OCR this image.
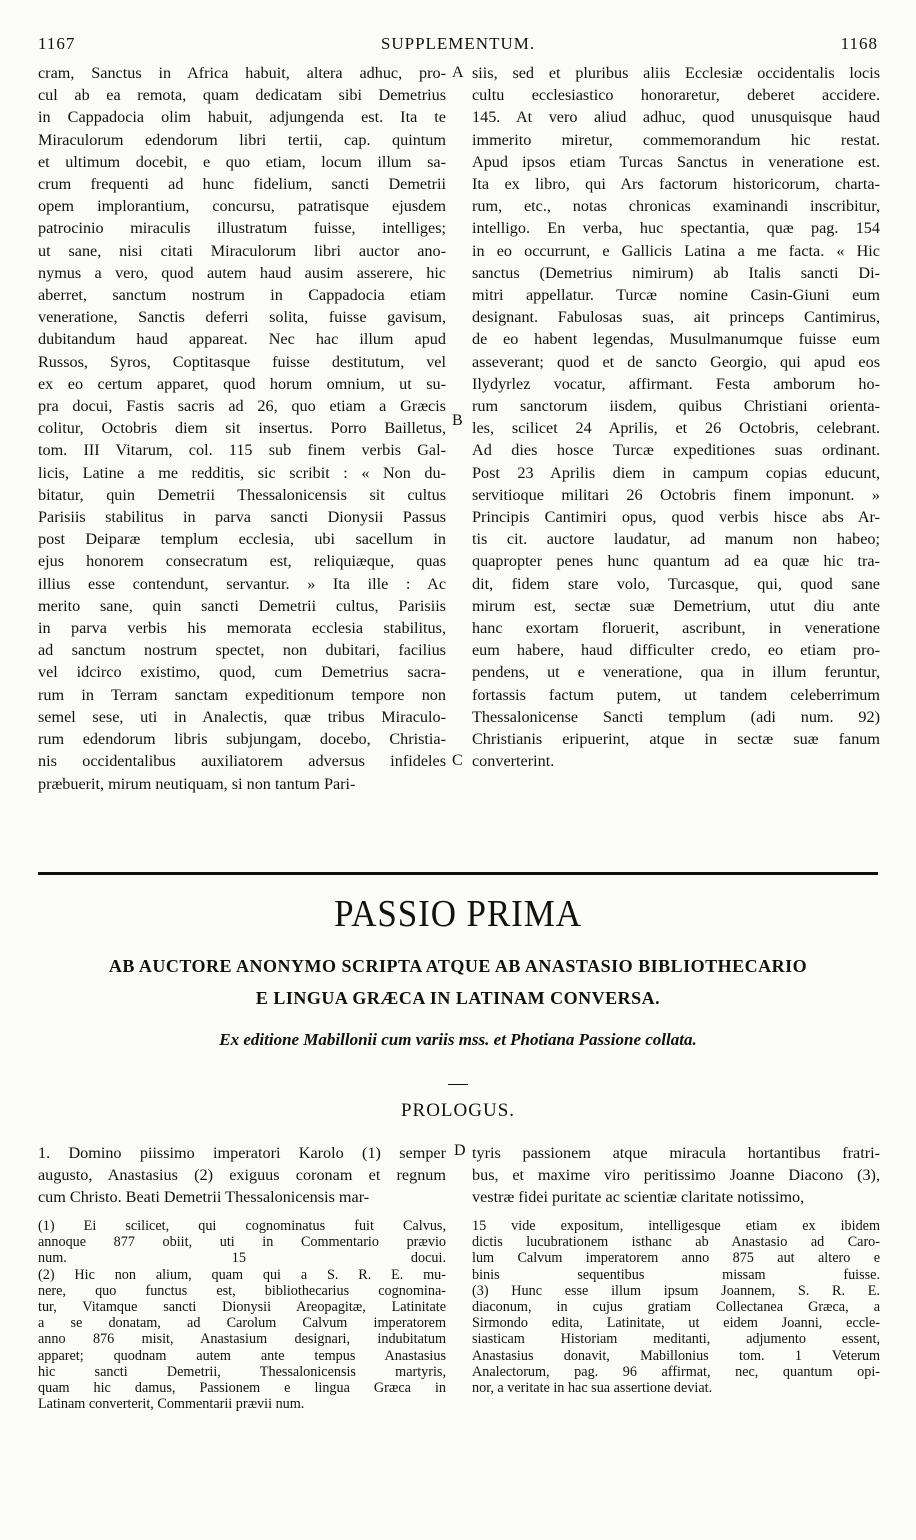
1167	SUPPLEMENTUM.	1168
A
B
C
D
cram, Sanctus in Africa habuit, altera adhuc, pro-
cul ab ea remota, quam dedicatam sibi Demetrius
in Cappadocia olim habuit, adjungenda est. Ita te
Miraculorum edendorum libri tertii, cap. quintum
et ultimum docebit, e quo etiam, locum illum sa-
crum frequenti ad hunc fidelium, sancti Demetrii
opem implorantium, concursu, patratisque ejusdem
patrocinio miraculis illustratum fuisse, intelliges;
ut sane, nisi citati Miraculorum libri auctor ano-
nymus a vero, quod autem haud ausim asserere, hic
aberret, sanctum nostrum in Cappadocia etiam
veneratione, Sanctis deferri solita, fuisse gavisum,
dubitandum haud appareat. Nec hac illum apud
Russos, Syros, Coptitasque fuisse destitutum, vel
ex eo certum apparet, quod horum omnium, ut su-
pra docui, Fastis sacris ad 26, quo etiam a Græcis
colitur, Octobris diem sit insertus. Porro Bailletus,
tom. III Vitarum, col. 115 sub finem verbis Gal-
licis, Latine a me redditis, sic scribit : « Non du-
bitatur, quin Demetrii Thessalonicensis sit cultus
Parisiis stabilitus in parva sancti Dionysii Passus
post Deiparæ templum ecclesia, ubi sacellum in
ejus honorem consecratum est, reliquiæque, quas
illius esse contendunt, servantur. » Ita ille : Ac
merito sane, quin sancti Demetrii cultus, Parisiis
in parva verbis his memorata ecclesia stabilitus,
ad sanctum nostrum spectet, non dubitari, facilius
vel idcirco existimo, quod, cum Demetrius sacra-
rum in Terram sanctam expeditionum tempore non
semel sese, uti in Analectis, quæ tribus Miraculo-
rum edendorum libris subjungam, docebo, Christia-
nis occidentalibus auxiliatorem adversus infideles
præbuerit, mirum neutiquam, si non tantum Pari-
siis, sed et pluribus aliis Ecclesiæ occidentalis locis
cultu ecclesiastico honoraretur, deberet accidere.
145. At vero aliud adhuc, quod unusquisque haud
immerito miretur, commemorandum hic restat.
Apud ipsos etiam Turcas Sanctus in veneratione est.
Ita ex libro, qui Ars factorum historicorum, charta-
rum, etc., notas chronicas examinandi inscribitur,
intelligo. En verba, huc spectantia, quæ pag. 154
in eo occurrunt, e Gallicis Latina a me facta. « Hic
sanctus (Demetrius nimirum) ab Italis sancti Di-
mitri appellatur. Turcæ nomine Casin-Giuni eum
designant. Fabulosas suas, ait princeps Cantimirus,
de eo habent legendas, Musulmanumque fuisse eum
asseverant; quod et de sancto Georgio, qui apud eos
Ilydyrlez vocatur, affirmant. Festa amborum ho-
rum sanctorum iisdem, quibus Christiani orienta-
les, scilicet 24 Aprilis, et 26 Octobris, celebrant.
Ad dies hosce Turcæ expeditiones suas ordinant.
Post 23 Aprilis diem in campum copias educunt,
servitioque militari 26 Octobris finem imponunt. »
Principis Cantimiri opus, quod verbis hisce abs Ar-
tis cit. auctore laudatur, ad manum non habeo;
quapropter penes hunc quantum ad ea quæ hic tra-
dit, fidem stare volo, Turcasque, qui, quod sane
mirum est, sectæ suæ Demetrium, utut diu ante
hanc exortam floruerit, ascribunt, in veneratione
eum habere, haud difficulter credo, eo etiam pro-
pendens, ut e veneratione, qua in illum feruntur,
fortassis factum putem, ut tandem celeberrimum
Thessalonicense Sancti templum (adi num. 92)
Christianis eripuerint, atque in sectæ suæ fanum
converterint.
PASSIO PRIMA
AB AUCTORE ANONYMO SCRIPTA ATQUE AB ANASTASIO BIBLIOTHECARIO
E LINGUA GRÆCA IN LATINAM CONVERSA.
Ex editione Mabillonii cum variis mss. et Photiana Passione collata.
PROLOGUS.
1. Domino piissimo imperatori Karolo (1) semper
augusto, Anastasius (2) exiguus coronam et regnum
cum Christo. Beati Demetrii Thessalonicensis mar-
tyris passionem atque miracula hortantibus fratri-
bus, et maxime viro peritissimo Joanne Diacono (3),
vestræ fidei puritate ac scientiæ claritate notissimo,
(1) Ei scilicet, qui cognominatus fuit Calvus,
annoque 877 obiit, uti in Commentario prævio
num. 15 docui.
(2) Hic non alium, quam qui a S. R. E. mu-
nere, quo functus est, bibliothecarius cognomina-
tur, Vitamque sancti Dionysii Areopagitæ, Latinitate
a se donatam, ad Carolum Calvum imperatorem
anno 876 misit, Anastasium designari, indubitatum
apparet; quodnam autem ante tempus Anastasius
hic sancti Demetrii, Thessalonicensis martyris,
quam hic damus, Passionem e lingua Græca in
Latinam converterit, Commentarii prævii num.
15 vide expositum, intelligesque etiam ex ibidem
dictis lucubrationem isthanc ab Anastasio ad Caro-
lum Calvum imperatorem anno 875 aut altero e
binis sequentibus missam fuisse.
(3) Hunc esse illum ipsum Joannem, S. R. E.
diaconum, in cujus gratiam Collectanea Græca, a
Sirmondo edita, Latinitate, ut eidem Joanni, eccle-
siasticam Historiam meditanti, adjumento essent,
Anastasius donavit, Mabillonius tom. 1 Veterum
Analectorum, pag. 96 affirmat, nec, quantum opi-
nor, a veritate in hac sua assertione deviat.
